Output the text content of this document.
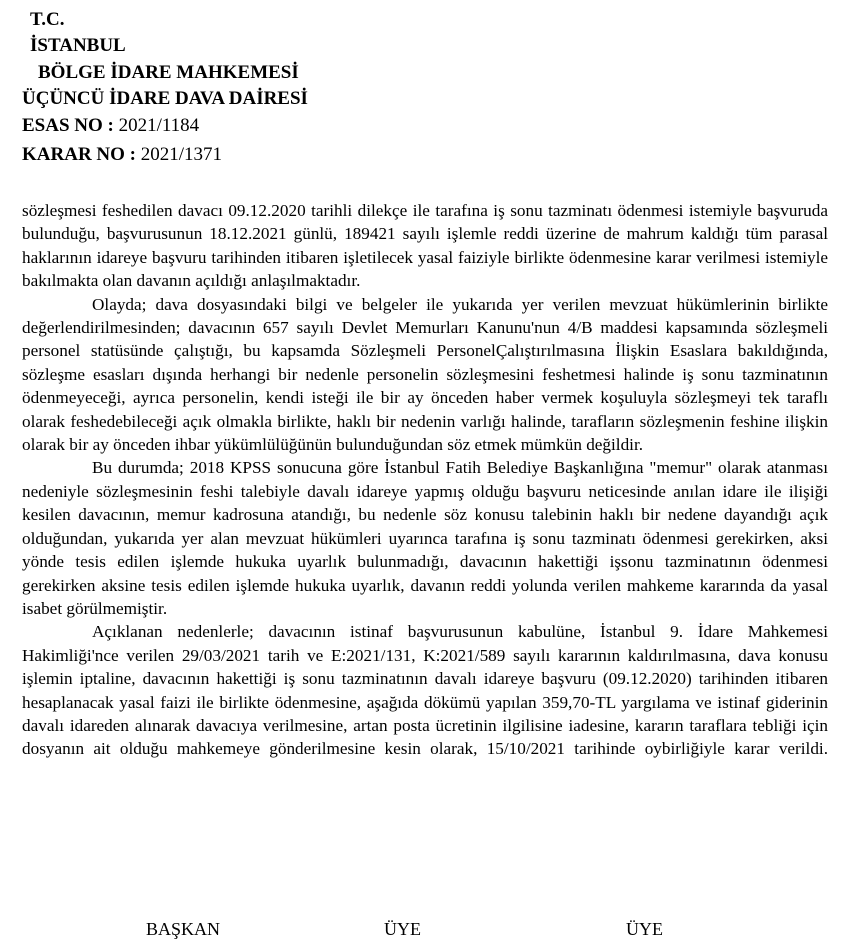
T.C.
İSTANBUL
BÖLGE İDARE MAHKEMESİ
ÜÇÜNCÜ İDARE DAVA DAİRESİ
ESAS NO : 2021/1184
KARAR NO : 2021/1371

sözleşmesi feshedilen davacı 09.12.2020 tarihli dilekçe ile tarafına iş sonu tazminatı ödenmesi istemiyle başvuruda bulunduğu, başvurusunun 18.12.2021 günlü, 189421 sayılı işlemle reddi üzerine de mahrum kaldığı tüm parasal haklarının idareye başvuru tarihinden itibaren işletilecek yasal faiziyle birlikte ödenmesine karar verilmesi istemiyle bakılmakta olan davanın açıldığı anlaşılmaktadır.

Olayda; dava dosyasındaki bilgi ve belgeler ile yukarıda yer verilen mevzuat hükümlerinin birlikte değerlendirilmesinden; davacının 657 sayılı Devlet Memurları Kanunu'nun 4/B maddesi kapsamında sözleşmeli personel statüsünde çalıştığı, bu kapsamda Sözleşmeli PersonelÇalıştırılmasına İlişkin Esaslara bakıldığında, sözleşme esasları dışında herhangi bir nedenle personelin sözleşmesini feshetmesi halinde iş sonu tazminatının ödenmeyeceği, ayrıca personelin, kendi isteği ile bir ay önceden haber vermek koşuluyla sözleşmeyi tek taraflı olarak feshedebileceği açık olmakla birlikte, haklı bir nedenin varlığı halinde, tarafların sözleşmenin feshine ilişkin olarak bir ay önceden ihbar yükümlülüğünün bulunduğundan söz etmek mümkün değildir.

Bu durumda; 2018 KPSS sonucuna göre İstanbul Fatih Belediye Başkanlığına "memur" olarak atanması nedeniyle sözleşmesinin feshi talebiyle davalı idareye yapmış olduğu başvuru neticesinde anılan idare ile ilişiği kesilen davacının, memur kadrosuna atandığı, bu nedenle söz konusu talebinin haklı bir nedene dayandığı açık olduğundan, yukarıda yer alan mevzuat hükümleri uyarınca tarafına iş sonu tazminatı ödenmesi gerekirken, aksi yönde tesis edilen işlemde hukuka uyarlık bulunmadığı, davacının hakettiği işsonu tazminatının ödenmesi gerekirken aksine tesis edilen işlemde hukuka uyarlık, davanın reddi yolunda verilen mahkeme kararında da yasal isabet görülmemiştir.

Açıklanan nedenlerle; davacının istinaf başvurusunun kabulüne, İstanbul 9. İdare Mahkemesi Hakimliği'nce verilen 29/03/2021 tarih ve E:2021/131, K:2021/589 sayılı kararının kaldırılmasına, dava konusu işlemin iptaline, davacının hakettiği iş sonu tazminatının davalı idareye başvuru (09.12.2020) tarihinden itibaren hesaplanacak yasal faizi ile birlikte ödenmesine, aşağıda dökümü yapılan 359,70-TL yargılama ve istinaf giderinin davalı idareden alınarak davacıya verilmesine, artan posta ücretinin ilgilisine iadesine, kararın taraflara tebliği için dosyanın ait olduğu mahkemeye gönderilmesine kesin olarak, 15/10/2021 tarihinde oybirliğiyle karar verildi.

BAŞKAN	ÜYE	ÜYE
